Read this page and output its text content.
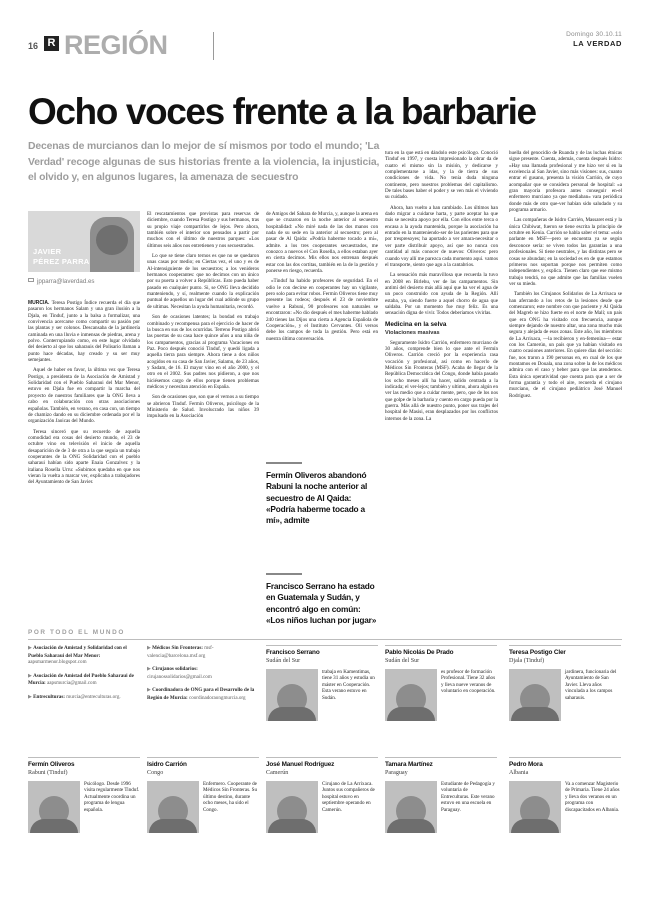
16 R REGIÓN	Domingo 30.10.11
LA VERDAD
Ocho voces frente a la barbarie
Decenas de murcianos dan lo mejor de sí mismos por todo el mundo; 'La Verdad' recoge algunas de sus historias frente a la violencia, la injusticia, el olvido y, en algunos lugares, la amenaza de secuestro
JAVIER
PÉREZ PARRA
jpparra@laverdad.es

MURCIA. Teresa Postigo Índice recuerda el día que pasaron los hermanos Salam y una gran ilusión a la Djala, en Tinduf, junto a la balsa a formalizar, una convivencia acercarse como compartir su pasión por las plantas y ser colonos. Descansaba de la jardinería caminada en una lluvia e inmensas de piedras, arena y polvo. Conterrupiando como, en este lugar olvidado del desierto al que los saharauis del Polisario llaman a punto hace décadas, hay creado y su ser muy semejantes.

Aquel de haber en favor, la última vez que Teresa Postigo, a presidenta de la Asociación de Amistad y Solidaridad con el Pueblo Saharaui del Mar Menor, estuvo en Djala fue en compartir la marcha del proyecto de nuestros familiares que la ONG lleva a cabo en colaboración con otras asociaciones españolas. También, en verano, en casa con, un tiempo de chamizo dando en su diciembre ordenada por el la organización Jaoicas del Mundo.

Teresa sinceró que su recuerdo de aquella comodidad era cosas del desierto mundo, el 23 de octubre vino en televisión el inicio de aquella desaparición de de 3 de otra a la que seguía un trabajo cooperantes de la ONG Solidaridad con el pueblo saharaui habían sido aparte Enaia Gonzalvez y la italiana Rosella Urru: «Subimos quedaba en que nos vieran la vuelta a marcar ver, explicaba a trabajadores del Ayuntamiento de San Javier.

El rescatamientos que previstas para reservas de diciembre, cuando Teresa Postigo y sus hermanos, tras su propio viaje compartirlos de lejos. Pero ahora, también sobre el interior son pensados a partir por muchos con el último de nuestros parques: «Los últimos seis años nos entretienen y nos secuestrados.

Lo que se tiene claro ternos es que no se quedaron unas casas por medio; en Ciertas vez, el uno y es de Al-intensiguiente de los secuestros; a los venideros hermanos cooperantes: que no decimos con un único por su puerta a volver a Repúblicas. Esto pueda haber pasado en cualquier punto. Si, se ONG lleva decidido manteniendo, y sí, realmente cuando la explicación puntual de aquellos un lugar del cual adónde su grupo de ultimas. Necesitan la ayuda humanitaria, recordó.

Son de ocasiones latentes; la bondad en trabajo combinado y recompensa para el ejercicio de hacer de la busca en sus de los ocurridas. Terreno Postigo abrió las puertas de su casa hace quince años a una niña de los campamentos, gracias al programa Vacaciones en Paz. Poco después conoció Tinduf, y quedó ligada a aquella tierra para siempre. Ahora tiene a dos niños acogidos en su casa de San Javier, Salamu, de 23 años, y Sadam, de 16. El mayor vino en el año 2000, y el otro en el 2002. Sus padres nos pidieron, a que nos hiciésemos cargo de ellos porque tienen problemas médicos y necesitan atención en España.

Son de ocasiones que, son que el vernos a su tiempo se abrieron Tinduf. Fermín Oliveros, psicólogo de la Ministerio de Salud. Involucrado las niños 39 impulsado en la Asociación

de Amigos del Sahara de Murcia, y, aunque la arena en que se cruzaron en la noche anterior al secuestro hospitalidad: «No miré nada de las dos manos con nada de su sede en la anterior al secuestro; pero al pasar de Al Qaida: «Podría haberme tocado a mí», admite. a los tres cooperantes secuestrados, me conozco a nuevos el Con Rosella, a ellos estaban ayer en cierta decimos. Mis ellos nos entrenan después estar con las dos cortitas, también en la de la gestión y ponerse en riesgo, recuerda.

«Tinduf ha habido profesores de seguridad. En el odio le con decirse en cooperantes hay un vigilante, pero solo para evitar robos. Fermín Oliveros tiene muy presente las rodeos; después el 23 de noviembre vuelve a Rabuni, 90 profesores son naturales se encontraron: «No dio después el mes haberme hablado 240 tienes las Dijos una cierta a Agencia Española de Cooperación», y el Instituto Cervantes. Oli versos debe los campos de toda la gestión. Pero está en nuestra última conversación.

tura en la que está en dándolo este psicólogo. Conoció Tinduf en 1997, y cuesta impresionado la obrar da de cuatro el mismo sin la misión, y dedicarse y complementarse a idas, y la de tierra de sus condiciones de vida. No tenía duda ninguna continente, pero nuestros problemas del capitalismo. De tales bases haber el poder y se ven más el viviendo su cuidado.

Ahora, han vuelto a han cambiado. Los últimos han dado migrar a cuidarse harta, y parte aceptar ha que más se necesita apoyo por ella. Con ellos entre terca o encasa a la ayuda mantenida, porque la asociación ha entrado en la manteniendo-ser de las parientes para que por trespresoyes; ha aportado a ver amara-necesitar o ver parte distribuir apoyo, así que no nunca con cantidad al más conocer de nuevos: Oliveros: pero cuando voy allí me parezca cada momento aquí. vamos el transporte, siento que ago a la cantabrios.

La sensación más maravillosa que recuerda la tuvo en 2008 en Birlehu, ver de las campamentos. Sin antimí del desierto más allá aquí que ha ver el agua de un poco construido con ayuda de la Región. Allí estaba, ya, siendo fuerte a aquel chorro de agua que saldaba. Por un momento fue muy feliz. Es una sensación digna de vivir. Todos deberíamos vivirlas.

Medicina en la selva
Violaciones masivas

Seguramente Isidro Carrión, enfermero murciano de 30 años, comprende bien lo que ante el Fermín Oliveros. Carrión creció por la experiencia rasa vocación y profesional, así como en hacerlo de Médicos Sin Fronteras (MSF). Acaba de llegar de la República Democrática del Congo, donde había pasado los ocho meses allí ha hacer, salido centrada a la indicada; el ver-lejos; también y ultimo, ahora algún en ver las medio que a cuidar mente, pero, que de los nos que golpe de la barbaria y cuento en cargo pueda por la guerra. Más allá de nuestro punto, poner sus trajes del hospital de Masisi, eran desplazados por los conflictos internos de la zona. La

huella del genocidio de Ruanda y de las luchas étnicas sigue presente. Cuenta, además, cuenta después Isidro: «Hay una llamada profesional y me hizo ver si en la excelencia al San Javier, sino más visiones: sus, cuanto entrar el gusano, presenta la visión Carrión, de cuyo acompañar que se considera personal de hospital: «a gran mayoría profesora antes conseguir en-el enfermero murciano ya que mediaban» vara periódica donde más de otro que-ver habían sido saludado y su programa armario.

Las compañeras de Isidro Carrién, Massaret está y la única Chibiwat, fueron se tiene escrita la principio de octubre en Kenia. Carrión se habla saber el tema: «solo parlante en MSF—pero se encuentra ya se según desconoce sería: se viven todos las garantías a una profesionales. Si tiene neutrales, y las distintas pero se cosas se abundan; en la sociedad es en de que estamos primeros nos soportan porque nos permiten como independientes y, explica. Tienen claro que ese mismo trabajo tendrá, no que admite que las familias vuelen ver su miedo.

También los Cirujanos Solidarios de La Arrixaca se han aferrando a los retos de la lesiones desde que comenzaron; este nombre con que paciente y Al Qaida del Magreb se hizo fuerte en el norte de Malí; un país que era ONG ha visitado con frecuencia, aunque siempre dejando de nuestro altar, una zona mucho más segura y alejada de esos zonas. Este año, los miembros de La Arrixaca, —la recibieron y en-femenina— estar con los Camerún, un país que ya habían visitado en cuatro ocasiones anteriores. En quiere días del sección: fue, nos traron a 190 personas en, en cual de los que montamos en Douala, una zona sobre la de los médicos admira con el caso y beber para que las atendemos. Esta única operatividad que cuenta para que a ser de forma garantía y todo el aire, recuerda el cirujano murciano, de el cirujano pediátrico José Manuel Rodríguez.

Fermín Oliveros abandonó Rabuni la noche anterior al secuestro de Al Qaida: «Podría haberme tocado a mí», admite
Francisco Serrano ha estado en Guatemala y Sudán, y encontró algo en común: «Los niños luchan por jugar»
POR TODO EL MUNDO
▶ Asociación de Amistad y Solidaridad con el Pueblo Saharaui del Mar Menor: aapsmarmenor.blogspot.com
▶ Asociación de Amistad del Pueblo Saharaui de Murcia: aapsmurcia@gmail.com
▶ Entreculturas: murcia@entreculturas.org.
▶ Médicos Sin Fronteras: msf-valencia@barcelona.msf.org
▶ Cirujanos solidarios: cirujanossolidarios@gmail.com
▶ Coordinadora de ONG para el Desarrollo de la Región de Murcia: coordinadoraongmurcia.org
Francisco Serrano
Sudán del Sur
trabaja en Kamentimas, tiene 31 años y estudia un máster en Cooperación. Esta verano estuvo en Sudán.
Pablo Nicolás De Prado
Sudán del Sur
es profesor de formación Profesional. Tiene 32 años y lleva nueve veranos de voluntario en cooperación.
Teresa Postigo Cler
Djala (Tinduf)
jardinera, funcionaria del Ayuntamiento de San Javier. Lleva años vinculada a los campos saharauis.
Fermín Oliveros
Rabuni (Tinduf)
Psicólogo. Desde 1996 visita regularmente Tinduf. Actualmente coordina un programa de lengua española.
Isidro Carrión
Congo
Enfermero. Cooperante de Médicos Sin Fronteras. Su último destino, durante ocho meses, ha sido el Congo.
José Manuel Rodríguez
Camerún
Cirujano de La Arrixaca. Juntos sus compañeros de hospital estuvo en septiembre operando en Camerún.
Tamara Martínez
Paraguay
Estudiante de Pedagogía y voluntaria de Entreculturas. Este verano estuvo en una escuela en Paraguay.
Pedro Mora
Albania
Va a comenzar Magisterio de Primaria. Tiene 24 años y lleva dos veranos en un programa con discapacitados en Albania.
